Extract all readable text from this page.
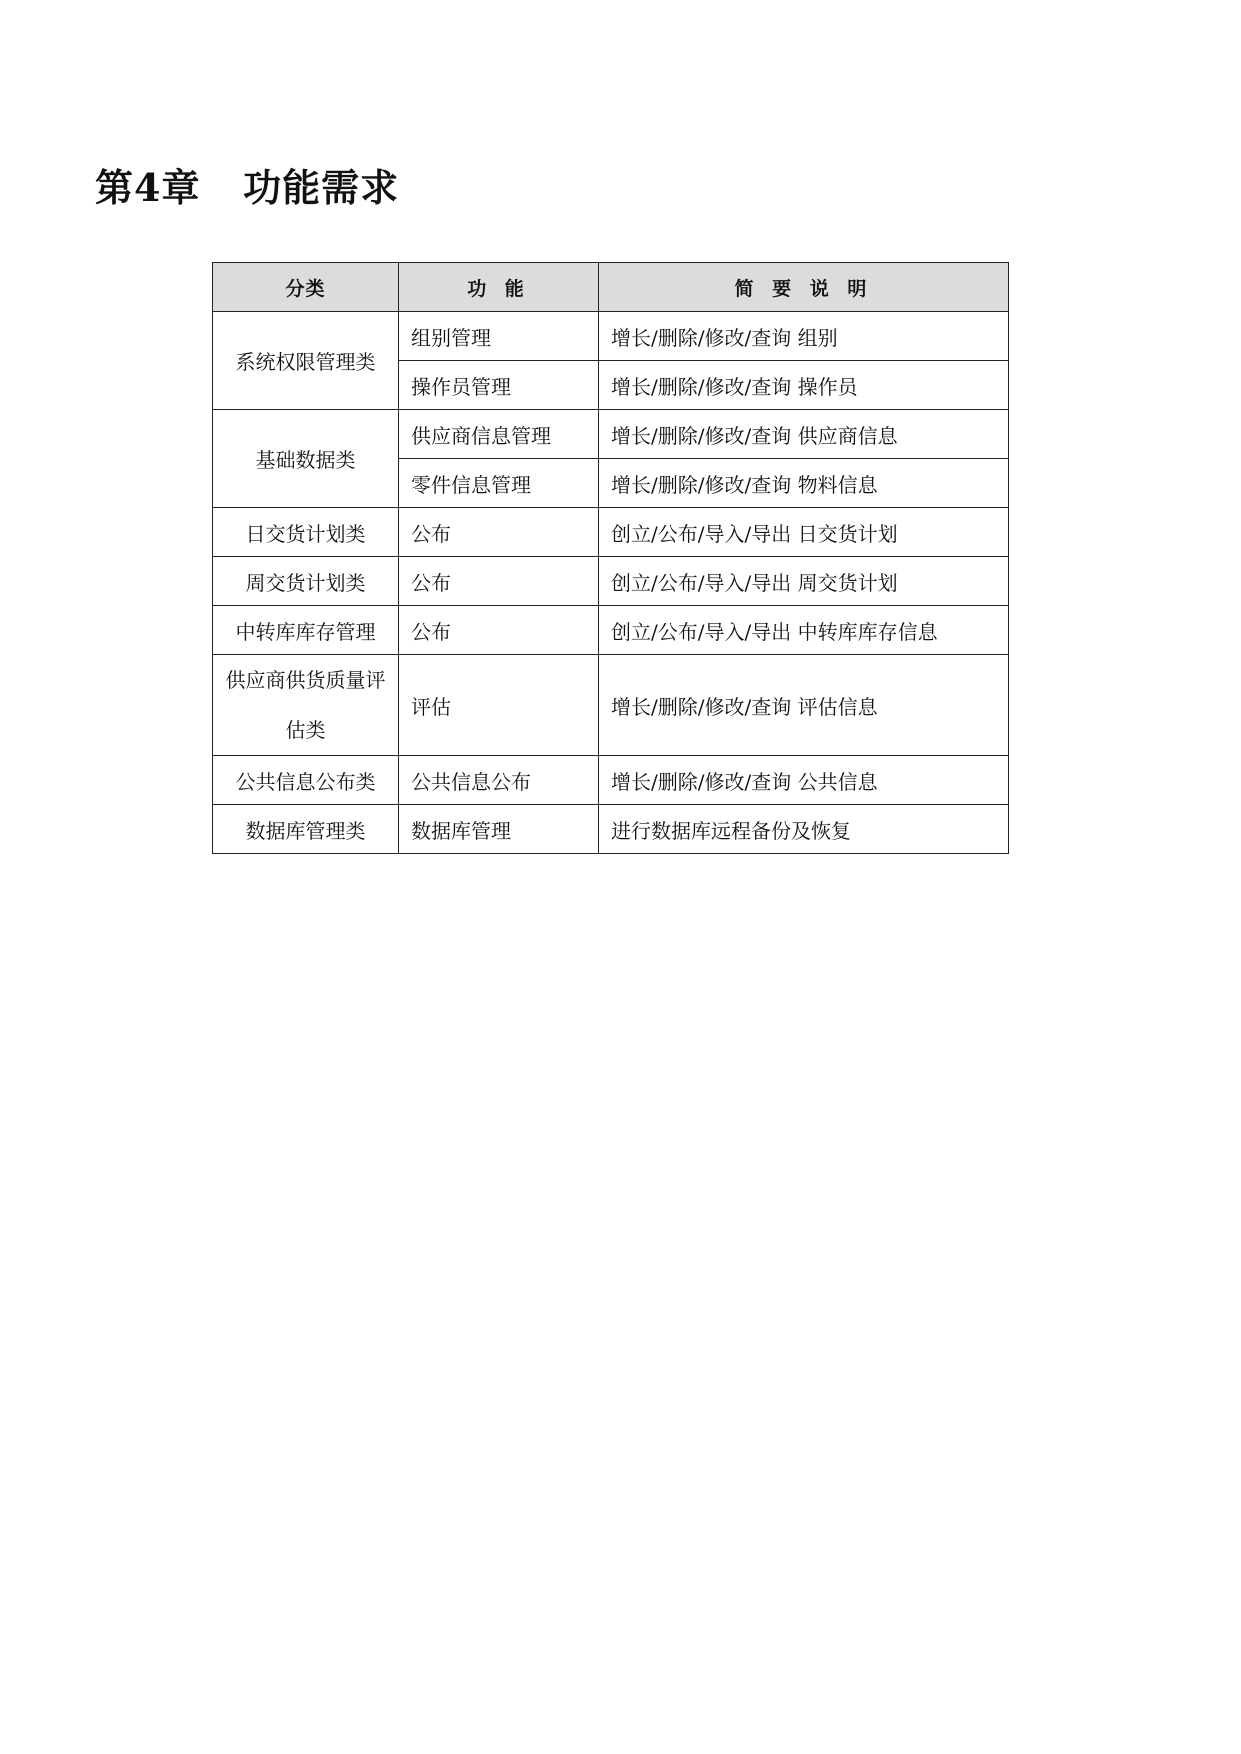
第4章   功能需求
分类	功 能	简 要 说 明
系统权限管理类	组别管理	增长/删除/修改/查询 组别
	操作员管理	增长/删除/修改/查询 操作员
基础数据类	供应商信息管理	增长/删除/修改/查询 供应商信息
	零件信息管理	增长/删除/修改/查询 物料信息
日交货计划类	公布	创立/公布/导入/导出 日交货计划
周交货计划类	公布	创立/公布/导入/导出 周交货计划
中转库库存管理	公布	创立/公布/导入/导出 中转库库存信息
供应商供货质量评估类	评估	增长/删除/修改/查询 评估信息
公共信息公布类	公共信息公布	增长/删除/修改/查询 公共信息
数据库管理类	数据库管理	进行数据库远程备份及恢复
